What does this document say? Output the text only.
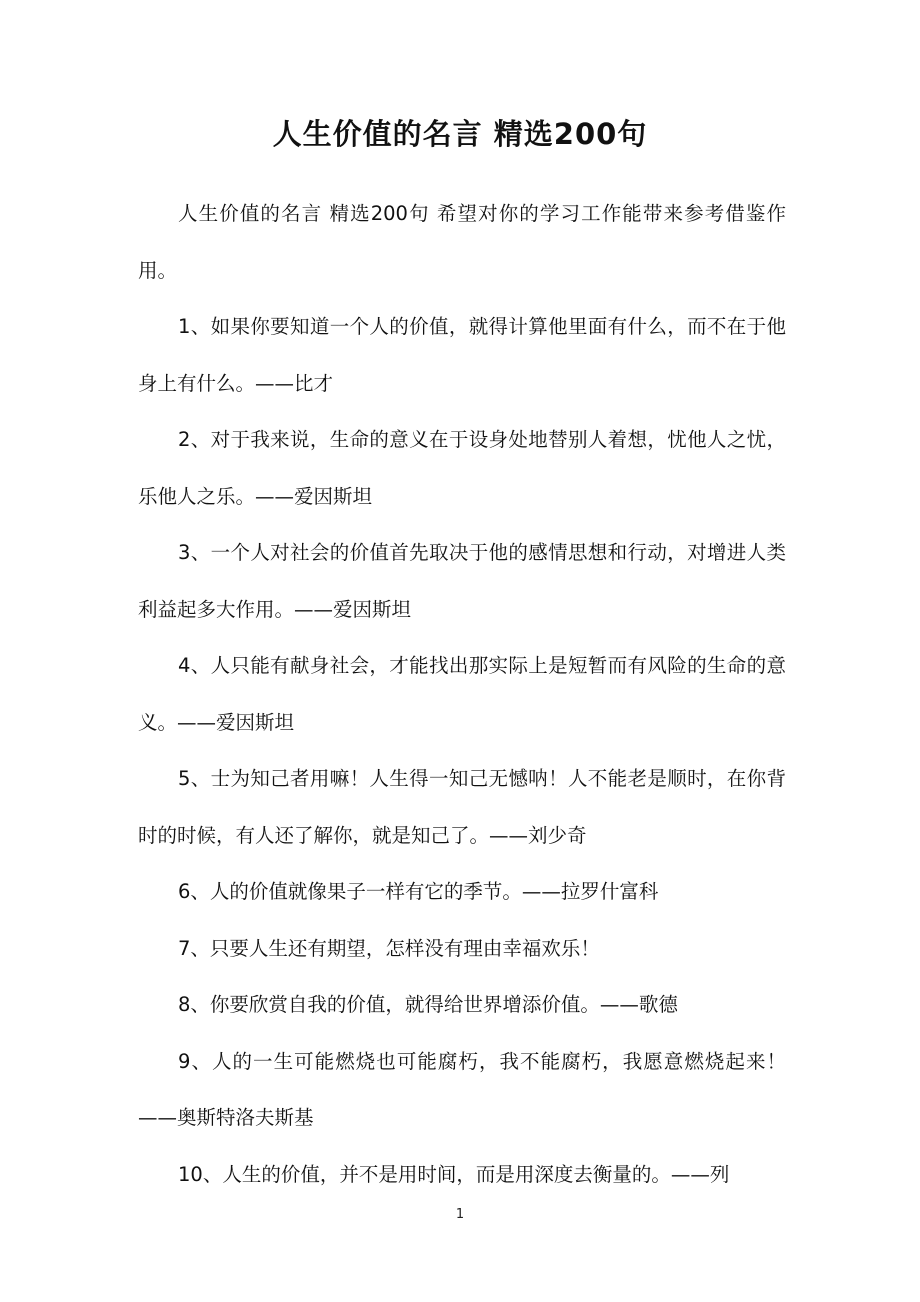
人生价值的名言 精选200句

人生价值的名言 精选200句 希望对你的学习工作能带来参考借鉴作用。

1、如果你要知道一个人的价值，就得计算他里面有什么，而不在于他身上有什么。——比才

2、对于我来说，生命的意义在于设身处地替别人着想，忧他人之忧，乐他人之乐。——爱因斯坦

3、一个人对社会的价值首先取决于他的感情思想和行动，对增进人类利益起多大作用。——爱因斯坦

4、人只能有献身社会，才能找出那实际上是短暂而有风险的生命的意义。——爱因斯坦

5、士为知己者用嘛！人生得一知己无憾呐！人不能老是顺时，在你背时的时候，有人还了解你，就是知己了。——刘少奇

6、人的价值就像果子一样有它的季节。——拉罗什富科

7、只要人生还有期望，怎样没有理由幸福欢乐！

8、你要欣赏自我的价值，就得给世界增添价值。——歌德

9、人的一生可能燃烧也可能腐朽，我不能腐朽，我愿意燃烧起来！——奥斯特洛夫斯基

10、人生的价值，并不是用时间，而是用深度去衡量的。——列

1
